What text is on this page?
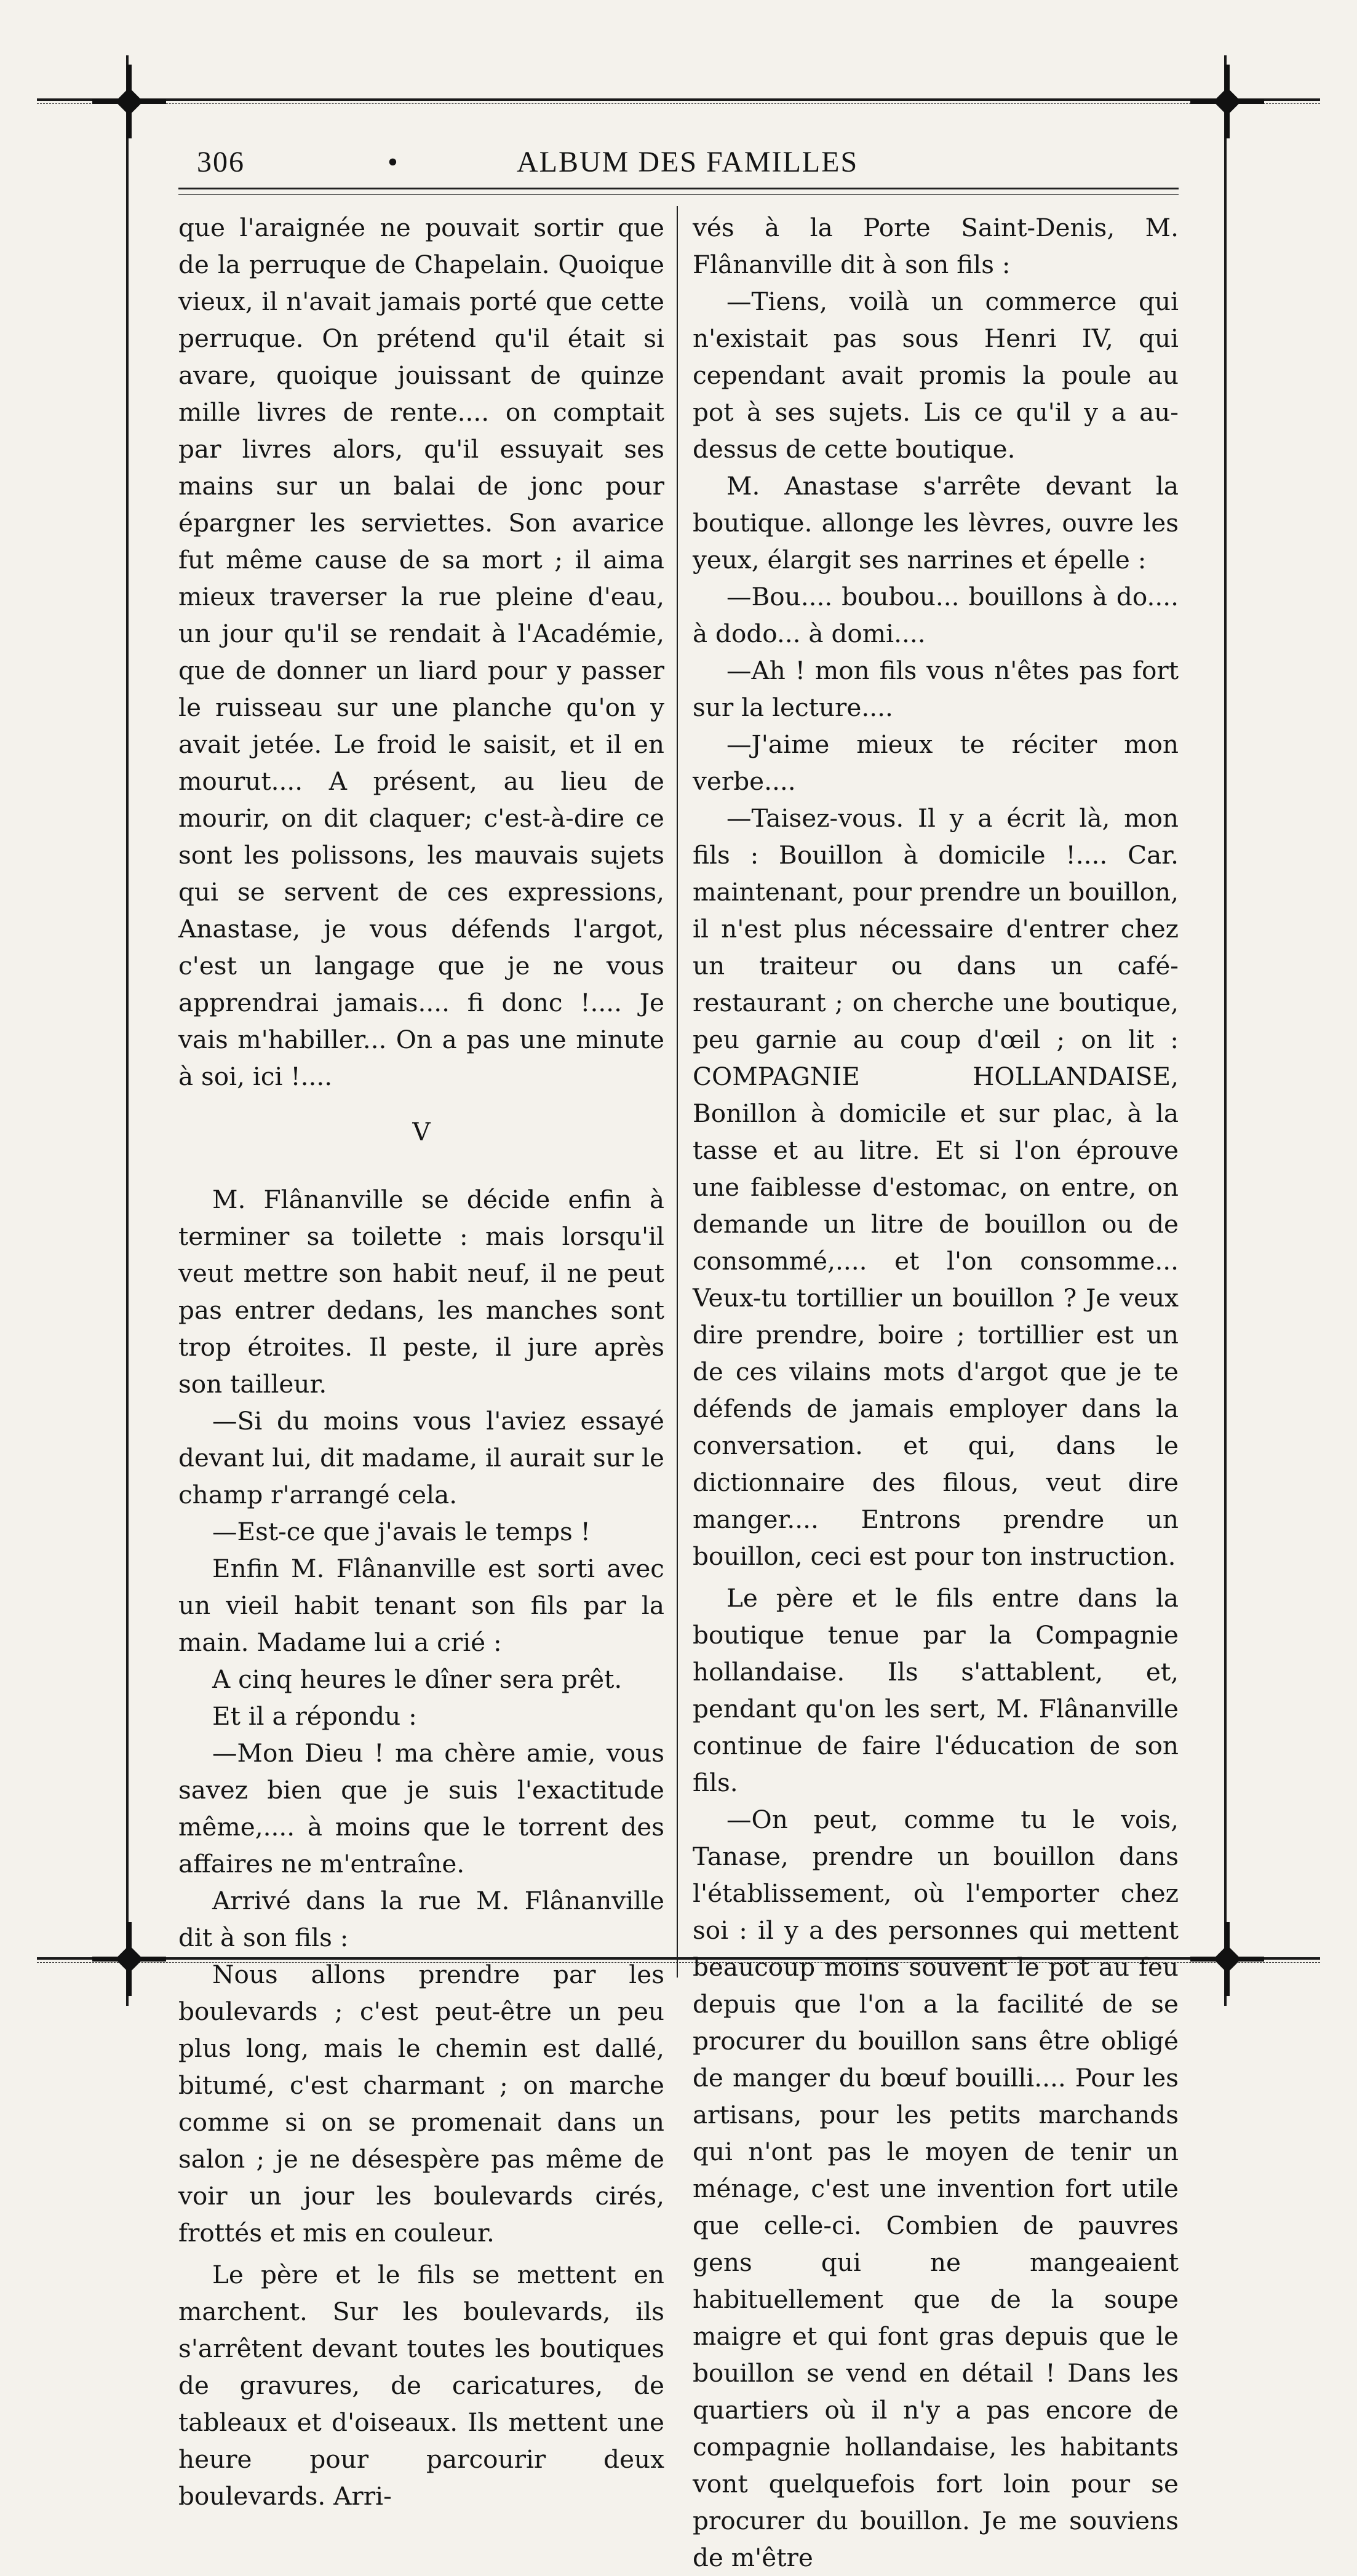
306	•	ALBUM DES FAMILLES

que l'araignée ne pouvait sortir que de la perruque de Chapelain. Quoique vieux, il n'avait jamais porté que cette perruque. On prétend qu'il était si avare, quoique jouissant de quinze mille livres de rente.... on comptait par livres alors, qu'il essuyait ses mains sur un balai de jonc pour épargner les serviettes. Son avarice fut même cause de sa mort ; il aima mieux traverser la rue pleine d'eau, un jour qu'il se rendait à l'Académie, que de donner un liard pour y passer le ruisseau sur une planche qu'on y avait jetée. Le froid le saisit, et il en mourut.... A présent, au lieu de mourir, on dit claquer; c'est-à-dire ce sont les polissons, les mauvais sujets qui se servent de ces expressions, Anastase, je vous défends l'argot, c'est un langage que je ne vous apprendrai jamais.... fi donc !.... Je vais m'habiller... On a pas une minute à soi, ici !....

V

M. Flânanville se décide enfin à terminer sa toilette : mais lorsqu'il veut mettre son habit neuf, il ne peut pas entrer dedans, les manches sont trop étroites. Il peste, il jure après son tailleur.

—Si du moins vous l'aviez essayé devant lui, dit madame, il aurait sur le champ r'arrangé cela.

—Est-ce que j'avais le temps !

Enfin M. Flânanville est sorti avec un vieil habit tenant son fils par la main. Madame lui a crié :

A cinq heures le dîner sera prêt.

Et il a répondu :

—Mon Dieu ! ma chère amie, vous savez bien que je suis l'exactitude même,.... à moins que le torrent des affaires ne m'entraîne.

Arrivé dans la rue M. Flânanville dit à son fils :

Nous allons prendre par les boulevards ; c'est peut-être un peu plus long, mais le chemin est dallé, bitumé, c'est charmant ; on marche comme si on se promenait dans un salon ; je ne désespère pas même de voir un jour les boulevards cirés, frottés et mis en couleur.

Le père et le fils se mettent en marchent. Sur les boulevards, ils s'arrêtent devant toutes les boutiques de gravures, de caricatures, de tableaux et d'oiseaux. Ils mettent une heure pour parcourir deux boulevards. Arri-

vés à la Porte Saint-Denis, M. Flânanville dit à son fils :

—Tiens, voilà un commerce qui n'existait pas sous Henri IV, qui cependant avait promis la poule au pot à ses sujets. Lis ce qu'il y a au-dessus de cette boutique.

M. Anastase s'arrête devant la boutique. allonge les lèvres, ouvre les yeux, élargit ses narrines et épelle :

—Bou.... boubou... bouillons à do.... à dodo... à domi....

—Ah ! mon fils vous n'êtes pas fort sur la lecture....

—J'aime mieux te réciter mon verbe....

—Taisez-vous. Il y a écrit là, mon fils : Bouillon à domicile !.... Car. maintenant, pour prendre un bouillon, il n'est plus nécessaire d'entrer chez un traiteur ou dans un café-restaurant ; on cherche une boutique, peu garnie au coup d'œil ; on lit : COMPAGNIE HOLLANDAISE, Bonillon à domicile et sur plac, à la tasse et au litre. Et si l'on éprouve une faiblesse d'estomac, on entre, on demande un litre de bouillon ou de consommé,.... et l'on consomme... Veux-tu tortillier un bouillon ? Je veux dire prendre, boire ; tortillier est un de ces vilains mots d'argot que je te défends de jamais employer dans la conversation. et qui, dans le dictionnaire des filous, veut dire manger.... Entrons prendre un bouillon, ceci est pour ton instruction.

Le père et le fils entre dans la boutique tenue par la Compagnie hollandaise. Ils s'attablent, et, pendant qu'on les sert, M. Flânanville continue de faire l'éducation de son fils.

—On peut, comme tu le vois, Tanase, prendre un bouillon dans l'établissement, où l'emporter chez soi : il y a des personnes qui mettent beaucoup moins souvent le pot au feu depuis que l'on a la facilité de se procurer du bouillon sans être obligé de manger du bœuf bouilli.... Pour les artisans, pour les petits marchands qui n'ont pas le moyen de tenir un ménage, c'est une invention fort utile que celle-ci. Combien de pauvres gens qui ne mangeaient habituellement que de la soupe maigre et qui font gras depuis que le bouillon se vend en détail ! Dans les quartiers où il n'y a pas encore de compagnie hollandaise, les habitants vont quelquefois fort loin pour se procurer du bouillon. Je me souviens de m'être
